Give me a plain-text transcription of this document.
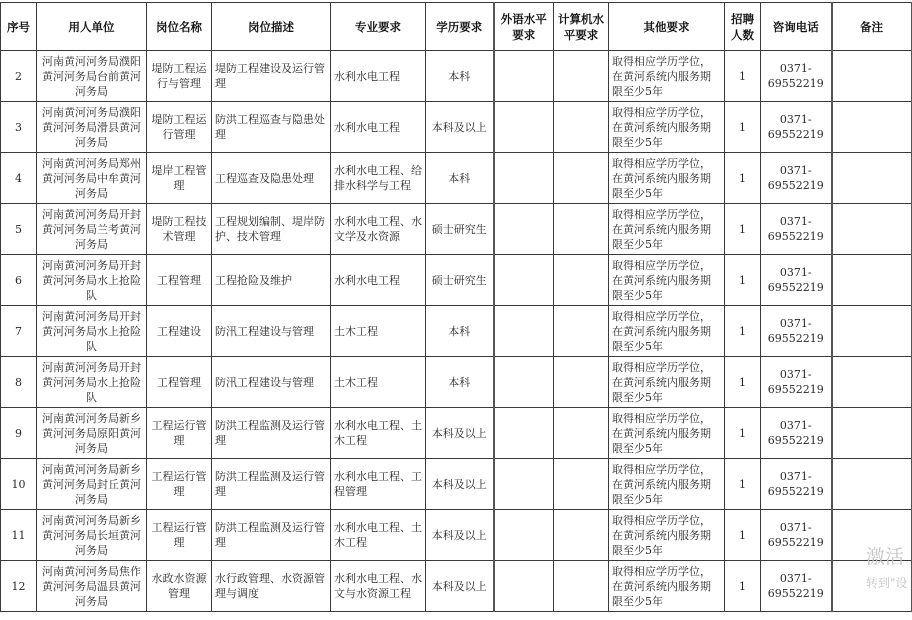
序号	用人单位	岗位名称	岗位描述	专业要求	学历要求	外语水平要求	计算机水平要求	其他要求	招聘人数	咨询电话	备注
2	河南黄河河务局濮阳黄河河务局台前黄河河务局	堤防工程运行与管理	堤防工程建设及运行管理	水利水电工程	本科			取得相应学历学位，在黄河系统内服务期限至少5年	1	0371-69552219	
3	河南黄河河务局濮阳黄河河务局滑县黄河河务局	堤防工程运行管理	防洪工程巡查与隐患处理	水利水电工程	本科及以上			取得相应学历学位，在黄河系统内服务期限至少5年	1	0371-69552219	
4	河南黄河河务局郑州黄河河务局中牟黄河河务局	堤岸工程管理	工程巡查及隐患处理	水利水电工程、给排水科学与工程	本科			取得相应学历学位，在黄河系统内服务期限至少5年	1	0371-69552219	
5	河南黄河河务局开封黄河河务局兰考黄河河务局	堤防工程技术管理	工程规划编制、堤岸防护、技术管理	水利水电工程、水文学及水资源	硕士研究生			取得相应学历学位，在黄河系统内服务期限至少5年	1	0371-69552219	
6	河南黄河河务局开封黄河河务局水上抢险队	工程管理	工程抢险及维护	水利水电工程	硕士研究生			取得相应学历学位，在黄河系统内服务期限至少5年	1	0371-69552219	
7	河南黄河河务局开封黄河河务局水上抢险队	工程建设	防汛工程建设与管理	土木工程	本科			取得相应学历学位，在黄河系统内服务期限至少5年	1	0371-69552219	
8	河南黄河河务局开封黄河河务局水上抢险队	工程管理	防汛工程建设与管理	土木工程	本科			取得相应学历学位，在黄河系统内服务期限至少5年	1	0371-69552219	
9	河南黄河河务局新乡黄河河务局原阳黄河河务局	工程运行管理	防洪工程监测及运行管理	水利水电工程、土木工程	本科及以上			取得相应学历学位，在黄河系统内服务期限至少5年	1	0371-69552219	
10	河南黄河河务局新乡黄河河务局封丘黄河河务局	工程运行管理	防洪工程监测及运行管理	水利水电工程、工程管理	本科及以上			取得相应学历学位，在黄河系统内服务期限至少5年	1	0371-69552219	
11	河南黄河河务局新乡黄河河务局长垣黄河河务局	工程运行管理	防洪工程监测及运行管理	水利水电工程、土木工程	本科及以上			取得相应学历学位，在黄河系统内服务期限至少5年	1	0371-69552219	
12	河南黄河河务局焦作黄河河务局温县黄河河务局	水政水资源管理	水行政管理、水资源管理与调度	水利水电工程、水文与水资源工程	本科及以上			取得相应学历学位，在黄河系统内服务期限至少5年	1	0371-69552219	
激活
转到"设
